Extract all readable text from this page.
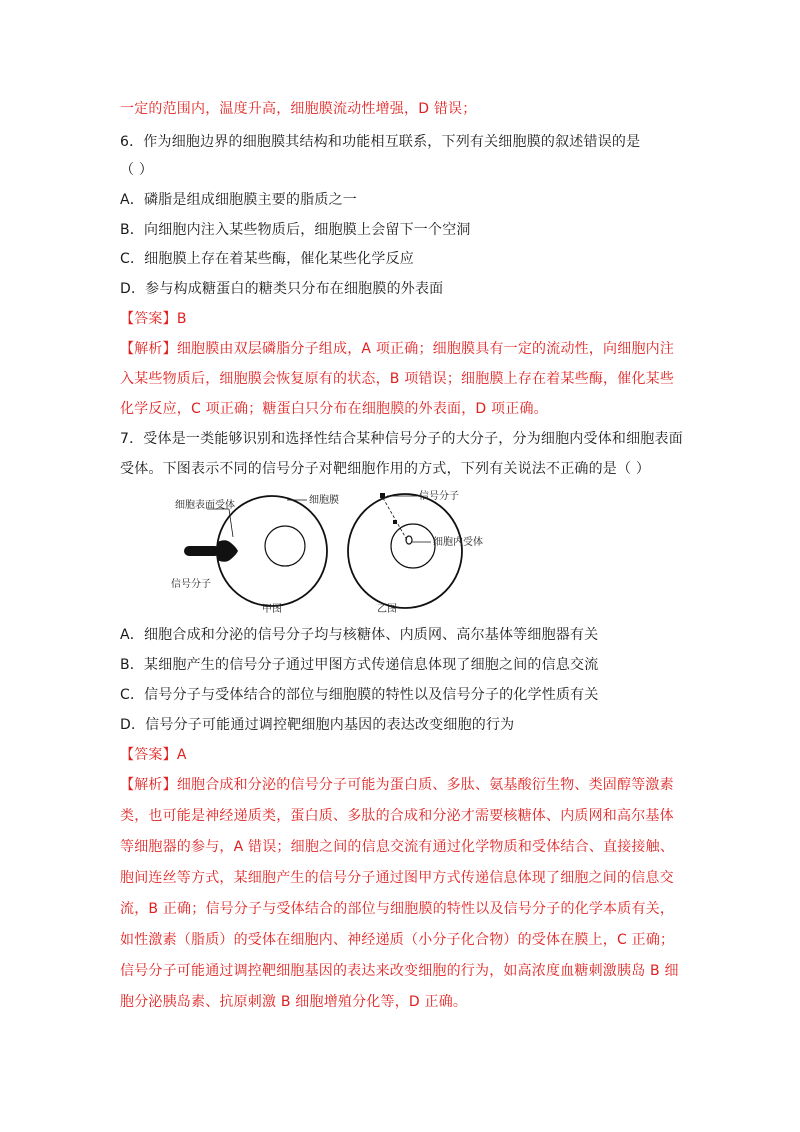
一定的范围内，温度升高，细胞膜流动性增强，D 错误；
6．作为细胞边界的细胞膜其结构和功能相互联系，下列有关细胞膜的叙述错误的是
（ ）
A．磷脂是组成细胞膜主要的脂质之一
B．向细胞内注入某些物质后，细胞膜上会留下一个空洞
C．细胞膜上存在着某些酶，催化某些化学反应
D．参与构成糖蛋白的糖类只分布在细胞膜的外表面
【答案】B
【解析】细胞膜由双层磷脂分子组成，A 项正确；细胞膜具有一定的流动性，向细胞内注
入某些物质后，细胞膜会恢复原有的状态，B 项错误；细胞膜上存在着某些酶，催化某些
化学反应，C 项正确；糖蛋白只分布在细胞膜的外表面，D 项正确。
7．受体是一类能够识别和选择性结合某种信号分子的大分子，分为细胞内受体和细胞表面
受体。下图表示不同的信号分子对靶细胞作用的方式，下列有关说法不正确的是（ ）
细胞表面受体	细胞膜
信号分子
甲图
信号分子
细胞内受体
乙图
A．细胞合成和分泌的信号分子均与核糖体、内质网、高尔基体等细胞器有关
B．某细胞产生的信号分子通过甲图方式传递信息体现了细胞之间的信息交流
C．信号分子与受体结合的部位与细胞膜的特性以及信号分子的化学性质有关
D．信号分子可能通过调控靶细胞内基因的表达改变细胞的行为
【答案】A
【解析】细胞合成和分泌的信号分子可能为蛋白质、多肽、氨基酸衍生物、类固醇等激素
类，也可能是神经递质类，蛋白质、多肽的合成和分泌才需要核糖体、内质网和高尔基体
等细胞器的参与，A 错误；细胞之间的信息交流有通过化学物质和受体结合、直接接触、
胞间连丝等方式，某细胞产生的信号分子通过图甲方式传递信息体现了细胞之间的信息交
流，B 正确；信号分子与受体结合的部位与细胞膜的特性以及信号分子的化学本质有关，
如性激素（脂质）的受体在细胞内、神经递质（小分子化合物）的受体在膜上，C 正确；
信号分子可能通过调控靶细胞基因的表达来改变细胞的行为，如高浓度血糖刺激胰岛 B 细
胞分泌胰岛素、抗原刺激 B 细胞增殖分化等，D 正确。
